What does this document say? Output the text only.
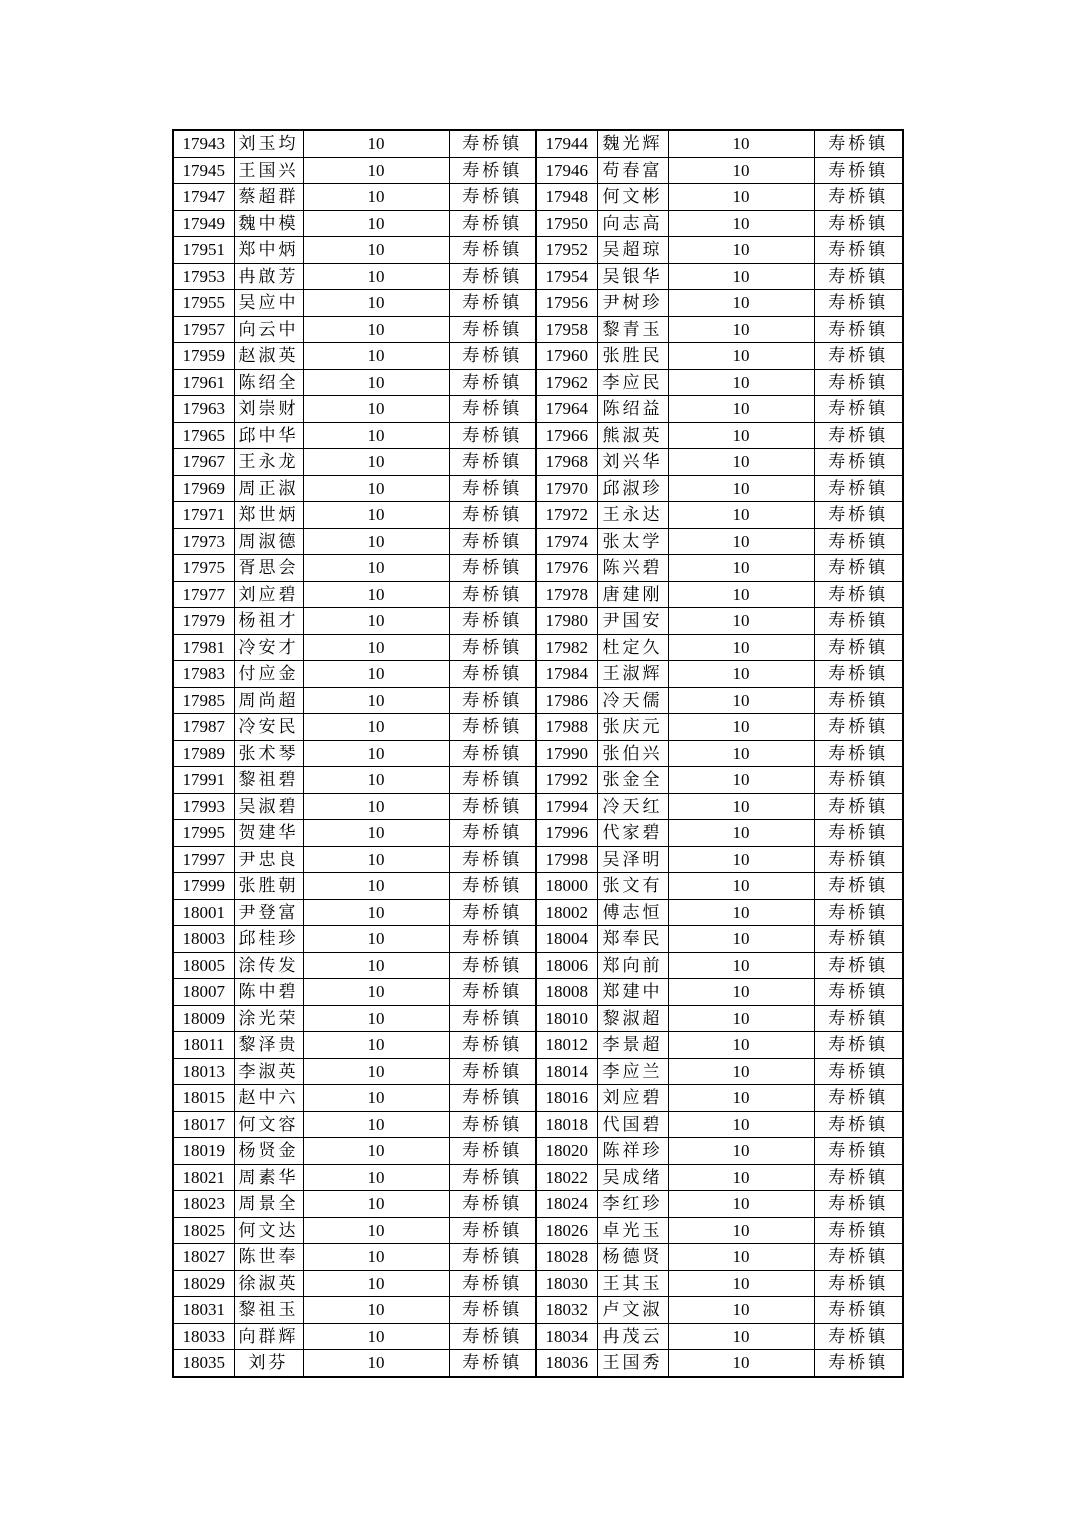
17943	刘玉均	10	寿桥镇	17944	魏光辉	10	寿桥镇
17945	王国兴	10	寿桥镇	17946	苟春富	10	寿桥镇
17947	蔡超群	10	寿桥镇	17948	何文彬	10	寿桥镇
17949	魏中模	10	寿桥镇	17950	向志高	10	寿桥镇
17951	郑中炳	10	寿桥镇	17952	吴超琼	10	寿桥镇
17953	冉啟芳	10	寿桥镇	17954	吴银华	10	寿桥镇
17955	吴应中	10	寿桥镇	17956	尹树珍	10	寿桥镇
17957	向云中	10	寿桥镇	17958	黎青玉	10	寿桥镇
17959	赵淑英	10	寿桥镇	17960	张胜民	10	寿桥镇
17961	陈绍全	10	寿桥镇	17962	李应民	10	寿桥镇
17963	刘崇财	10	寿桥镇	17964	陈绍益	10	寿桥镇
17965	邱中华	10	寿桥镇	17966	熊淑英	10	寿桥镇
17967	王永龙	10	寿桥镇	17968	刘兴华	10	寿桥镇
17969	周正淑	10	寿桥镇	17970	邱淑珍	10	寿桥镇
17971	郑世炳	10	寿桥镇	17972	王永达	10	寿桥镇
17973	周淑德	10	寿桥镇	17974	张太学	10	寿桥镇
17975	胥思会	10	寿桥镇	17976	陈兴碧	10	寿桥镇
17977	刘应碧	10	寿桥镇	17978	唐建刚	10	寿桥镇
17979	杨祖才	10	寿桥镇	17980	尹国安	10	寿桥镇
17981	冷安才	10	寿桥镇	17982	杜定久	10	寿桥镇
17983	付应金	10	寿桥镇	17984	王淑辉	10	寿桥镇
17985	周尚超	10	寿桥镇	17986	冷天儒	10	寿桥镇
17987	冷安民	10	寿桥镇	17988	张庆元	10	寿桥镇
17989	张术琴	10	寿桥镇	17990	张伯兴	10	寿桥镇
17991	黎祖碧	10	寿桥镇	17992	张金全	10	寿桥镇
17993	吴淑碧	10	寿桥镇	17994	冷天红	10	寿桥镇
17995	贺建华	10	寿桥镇	17996	代家碧	10	寿桥镇
17997	尹忠良	10	寿桥镇	17998	吴泽明	10	寿桥镇
17999	张胜朝	10	寿桥镇	18000	张文有	10	寿桥镇
18001	尹登富	10	寿桥镇	18002	傅志恒	10	寿桥镇
18003	邱桂珍	10	寿桥镇	18004	郑奉民	10	寿桥镇
18005	涂传发	10	寿桥镇	18006	郑向前	10	寿桥镇
18007	陈中碧	10	寿桥镇	18008	郑建中	10	寿桥镇
18009	涂光荣	10	寿桥镇	18010	黎淑超	10	寿桥镇
18011	黎泽贵	10	寿桥镇	18012	李景超	10	寿桥镇
18013	李淑英	10	寿桥镇	18014	李应兰	10	寿桥镇
18015	赵中六	10	寿桥镇	18016	刘应碧	10	寿桥镇
18017	何文容	10	寿桥镇	18018	代国碧	10	寿桥镇
18019	杨贤金	10	寿桥镇	18020	陈祥珍	10	寿桥镇
18021	周素华	10	寿桥镇	18022	吴成绪	10	寿桥镇
18023	周景全	10	寿桥镇	18024	李红珍	10	寿桥镇
18025	何文达	10	寿桥镇	18026	卓光玉	10	寿桥镇
18027	陈世奉	10	寿桥镇	18028	杨德贤	10	寿桥镇
18029	徐淑英	10	寿桥镇	18030	王其玉	10	寿桥镇
18031	黎祖玉	10	寿桥镇	18032	卢文淑	10	寿桥镇
18033	向群辉	10	寿桥镇	18034	冉茂云	10	寿桥镇
18035	刘芬	10	寿桥镇	18036	王国秀	10	寿桥镇
